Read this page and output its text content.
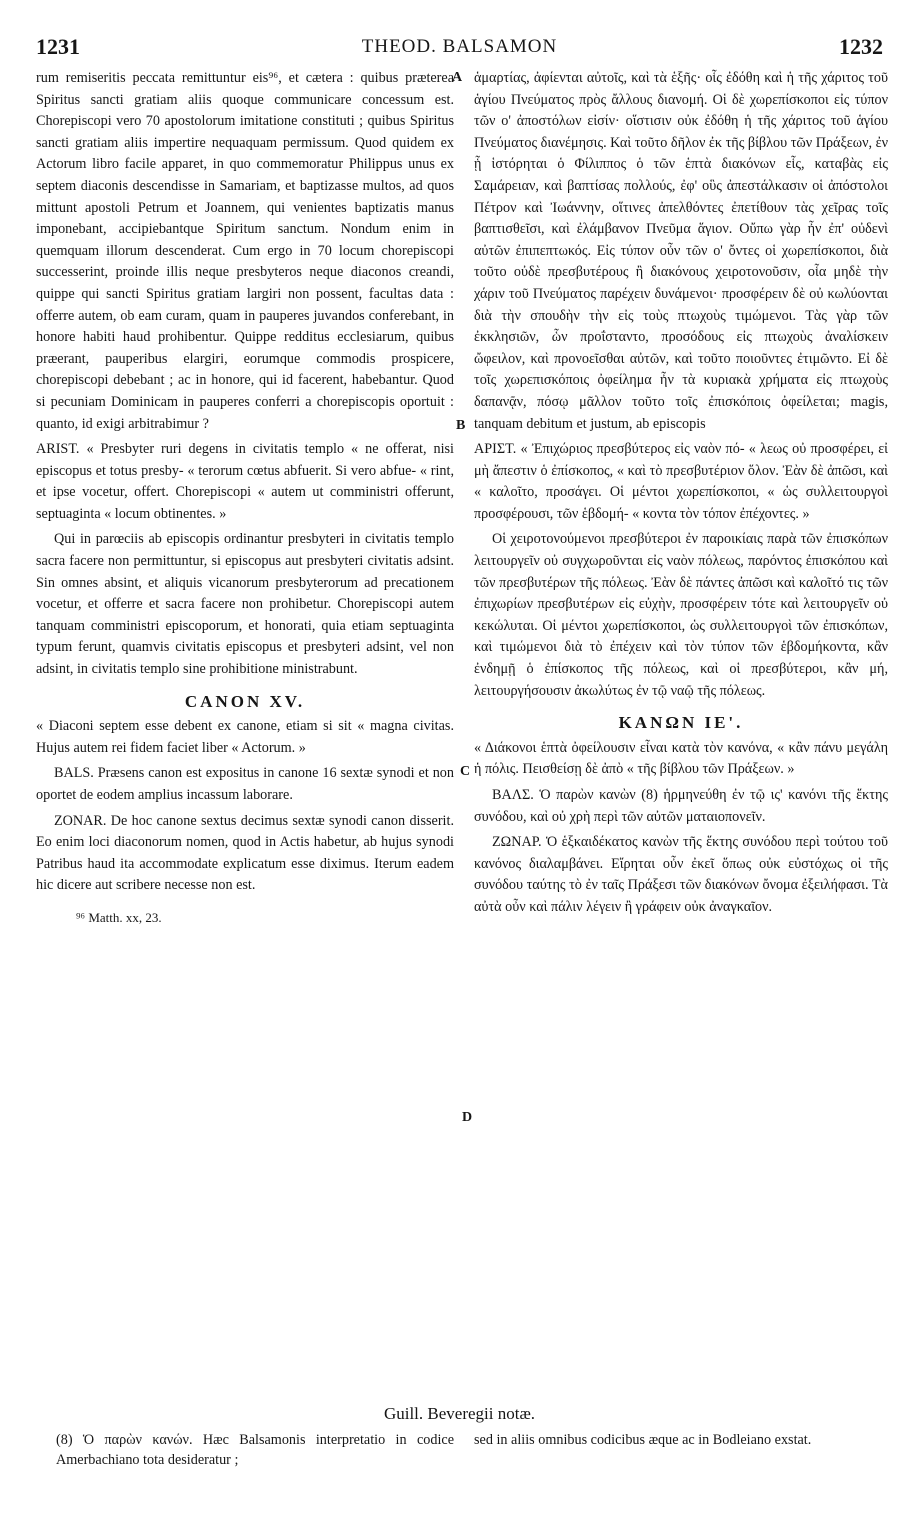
1231	THEOD. BALSAMON	1232
A
B
C
D

rum remiseritis peccata remittuntur eis⁹⁶, et cætera : quibus præterea Spiritus sancti gratiam aliis quoque communicare concessum est. Chorepiscopi vero 70 apostolorum imitatione constituti ; quibus Spiritus sancti gratiam aliis impertire nequaquam permissum. Quod quidem ex Actorum libro facile apparet, in quo commemoratur Philippus unus ex septem diaconis descendisse in Samariam, et baptizasse multos, ad quos mittunt apostoli Petrum et Joannem, qui venientes baptizatis manus imponebant, accipiebantque Spiritum sanctum. Nondum enim in quemquam illorum descenderat. Cum ergo in 70 locum chorepiscopi successerint, proinde illis neque presbyteros neque diaconos creandi, quippe qui sancti Spiritus gratiam largiri non possent, facultas data : offerre autem, ob eam curam, quam in pauperes juvandos conferebant, in honore habiti haud prohibentur. Quippe redditus ecclesiarum, quibus præerant, pauperibus elargiri, eorumque commodis prospicere, chorepiscopi debebant ; ac in honore, qui id facerent, habebantur. Quod si pecuniam Dominicam in pauperes conferri a chorepiscopis oportuit : quanto, id exigi arbitrabimur ?

ARIST. « Presbyter ruri degens in civitatis templo « ne offerat, nisi episcopus et totus presby- « terorum cœtus abfuerit. Si vero abfue- « rint, et ipse vocetur, offert. Chorepiscopi « autem ut comministri offerunt, septuaginta « locum obtinentes. »

Qui in parœciis ab episcopis ordinantur presbyteri in civitatis templo sacra facere non permittuntur, si episcopus aut presbyteri civitatis adsint. Sin omnes absint, et aliquis vicanorum presbyterorum ad precationem vocetur, et offerre et sacra facere non prohibetur. Chorepiscopi autem tanquam comministri episcoporum, et honorati, quia etiam septuaginta typum ferunt, quamvis civitatis episcopus et presbyteri adsint, vel non adsint, in civitatis templo sine prohibitione ministrabunt.

CANON XV.

« Diaconi septem esse debent ex canone, etiam si sit « magna civitas. Hujus autem rei fidem faciet liber « Actorum. »

BALS. Præsens canon est expositus in canone 16 sextæ synodi et non oportet de eodem amplius incassum laborare.

ZONAR. De hoc canone sextus decimus sextæ synodi canon disserit. Eo enim loci diaconorum nomen, quod in Actis habetur, ab hujus synodi Patribus haud ita accommodate explicatum esse diximus. Iterum eadem hic dicere aut scribere necesse non est.

⁹⁶ Matth. xx, 23.

ἁμαρτίας, ἀφίενται αὐτοῖς, καὶ τὰ ἑξῆς· οἷς ἐδόθη καὶ ἡ τῆς χάριτος τοῦ ἁγίου Πνεύματος πρὸς ἄλλους διανομή. Οἱ δὲ χωρεπίσκοποι εἰς τύπον τῶν ο' ἀποστόλων εἰσίν· οἵστισιν οὐκ ἐδόθη ἡ τῆς χάριτος τοῦ ἁγίου Πνεύματος διανέμησις. Καὶ τοῦτο δῆλον ἐκ τῆς βίβλου τῶν Πράξεων, ἐν ᾗ ἱστόρηται ὁ Φίλιππος ὁ τῶν ἑπτὰ διακόνων εἷς, καταβὰς εἰς Σαμάρειαν, καὶ βαπτίσας πολλούς, ἐφ' οὓς ἀπεστάλκασιν οἱ ἀπόστολοι Πέτρον καὶ Ἰωάννην, οἵτινες ἀπελθόντες ἐπετίθουν τὰς χεῖρας τοῖς βαπτισθεῖσι, καὶ ἐλάμβανον Πνεῦμα ἅγιον. Οὔπω γὰρ ἦν ἐπ' οὐδενὶ αὐτῶν ἐπιπεπτωκός. Εἰς τύπον οὖν τῶν ο' ὄντες οἱ χωρεπίσκοποι, διὰ τοῦτο οὐδὲ πρεσβυτέρους ἢ διακόνους χειροτονοῦσιν, οἷα μηδὲ τὴν χάριν τοῦ Πνεύματος παρέχειν δυνάμενοι· προσφέρειν δὲ οὐ κωλύονται διὰ τὴν σπουδὴν τὴν εἰς τοὺς πτωχοὺς τιμώμενοι. Τὰς γὰρ τῶν ἐκκλησιῶν, ὧν προΐσταντο, προσόδους εἰς πτωχοὺς ἀναλίσκειν ὤφειλον, καὶ προνοεῖσθαι αὐτῶν, καὶ τοῦτο ποιοῦντες ἐτιμῶντο. Εἰ δὲ τοῖς χωρεπισκόποις ὀφείλημα ἦν τὰ κυριακὰ χρήματα εἰς πτωχοὺς δαπανᾷν, πόσῳ μᾶλλον τοῦτο τοῖς ἐπισκόποις ὀφείλεται; magis, tanquam debitum et justum, ab episcopis

ΑΡΙΣΤ. « Ἐπιχώριος πρεσβύτερος εἰς ναὸν πό- « λεως οὐ προσφέρει, εἰ μὴ ἄπεστιν ὁ ἐπίσκοπος, « καὶ τὸ πρεσβυτέριον ὅλον. Ἐὰν δὲ ἀπῶσι, καὶ « καλοῖτο, προσάγει. Οἱ μέντοι χωρεπίσκοποι, « ὡς συλλειτουργοὶ προσφέρουσι, τῶν ἑβδομή- « κοντα τὸν τόπον ἐπέχοντες. »

Οἱ χειροτονούμενοι πρεσβύτεροι ἐν παροικίαις παρὰ τῶν ἐπισκόπων λειτουργεῖν οὐ συγχωροῦνται εἰς ναὸν πόλεως, παρόντος ἐπισκόπου καὶ τῶν πρεσβυτέρων τῆς πόλεως. Ἐὰν δὲ πάντες ἀπῶσι καὶ καλοῖτό τις τῶν ἐπιχωρίων πρεσβυτέρων εἰς εὐχὴν, προσφέρειν τότε καὶ λειτουργεῖν οὐ κεκώλυται. Οἱ μέντοι χωρεπίσκοποι, ὡς συλλειτουργοὶ τῶν ἐπισκόπων, καὶ τιμώμενοι διὰ τὸ ἐπέχειν καὶ τὸν τύπον τῶν ἑβδομήκοντα, κἂν ἐνδημῇ ὁ ἐπίσκοπος τῆς πόλεως, καὶ οἱ πρεσβύτεροι, κἂν μή, λειτουργήσουσιν ἀκωλύτως ἐν τῷ ναῷ τῆς πόλεως.

ΚΑΝΩΝ ΙΕ'.

« Διάκονοι ἑπτὰ ὀφείλουσιν εἶναι κατὰ τὸν κανόνα, « κἂν πάνυ μεγάλη ἡ πόλις. Πεισθείσῃ δὲ ἀπὸ « τῆς βίβλου τῶν Πράξεων. »

ΒΑΛΣ. Ὁ παρὼν κανὼν (8) ἡρμηνεύθη ἐν τῷ ις' κανόνι τῆς ἕκτης συνόδου, καὶ οὐ χρὴ περὶ τῶν αὐτῶν ματαιοπονεῖν.

ΖΩΝΑΡ. Ὁ ἑξκαιδέκατος κανὼν τῆς ἕκτης συνόδου περὶ τούτου τοῦ κανόνος διαλαμβάνει. Εἴρηται οὖν ἐκεῖ ὅπως οὐκ εὐστόχως οἱ τῆς συνόδου ταύτης τὸ ἐν ταῖς Πράξεσι τῶν διακόνων ὄνομα ἐξειλήφασι. Τὰ αὐτὰ οὖν καὶ πάλιν λέγειν ἢ γράφειν οὐκ ἀναγκαῖον.

Guill. Beveregii notæ.

(8) Ὁ παρὼν κανών. Hæc Balsamonis interpretatio in codice Amerbachiano tota desideratur ;

sed in aliis omnibus codicibus æque ac in Bodleiano exstat.
